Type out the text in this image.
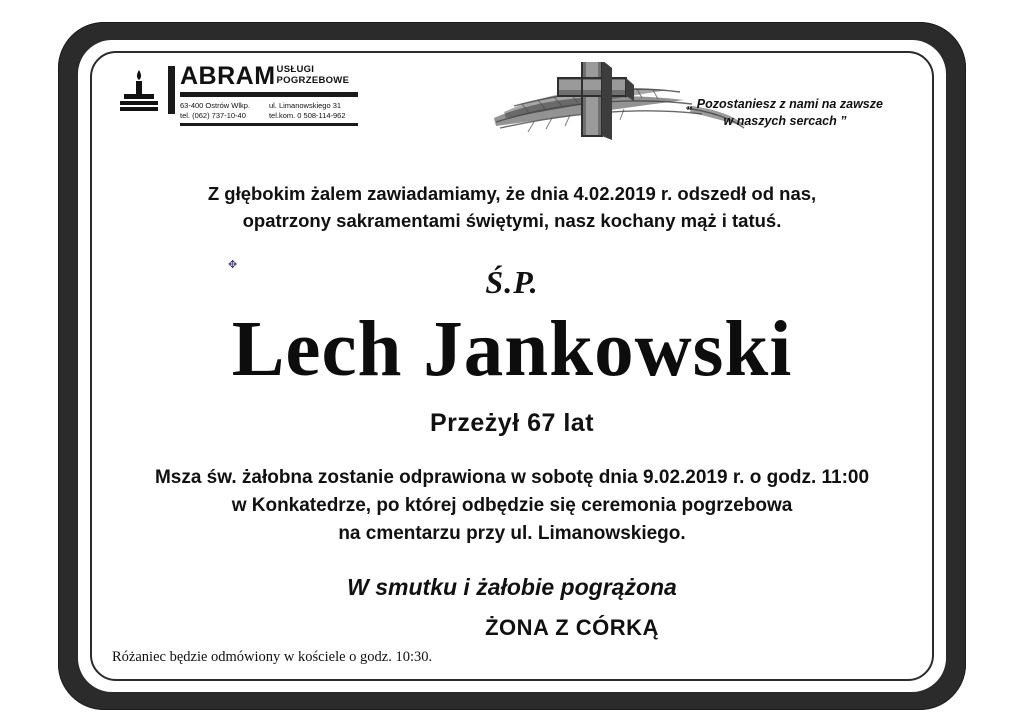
ABRAMUSŁUGI
POGRZEBOWE
63-400 Ostrów Wlkp.	ul. Limanowskiego 31
tel. (062) 737-10-40	tel.kom. 0 508-114-962
„ Pozostaniesz z nami na zawsze
w naszych sercach ”
✥
Z głębokim żalem zawiadamiamy, że dnia 4.02.2019 r. odszedł od nas,
opatrzony sakramentami świętymi, nasz kochany mąż i tatuś.
Ś.P.
Lech Jankowski
Przeżył 67 lat
Msza św. żałobna zostanie odprawiona w sobotę dnia 9.02.2019 r. o godz. 11:00
w Konkatedrze, po której odbędzie się ceremonia pogrzebowa
na cmentarzu przy ul. Limanowskiego.
W smutku i żałobie pogrążona
ŻONA Z CÓRKĄ
Różaniec będzie odmówiony w kościele o godz. 10:30.
